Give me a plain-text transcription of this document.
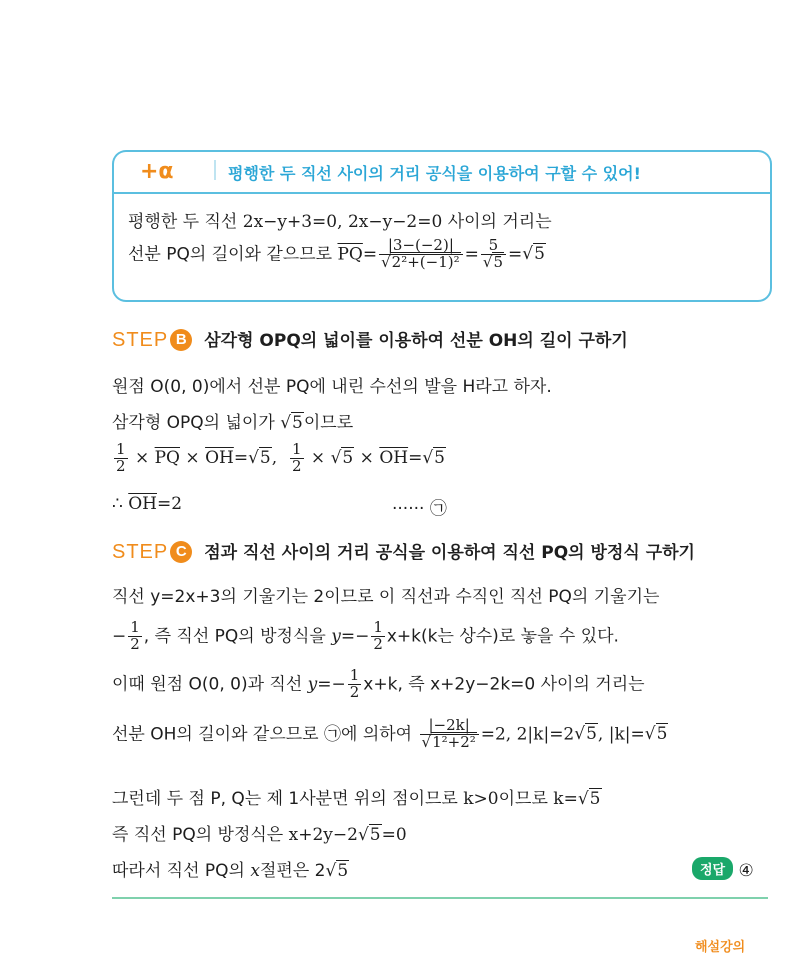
+α	평행한 두 직선 사이의 거리 공식을 이용하여 구할 수 있어!
평행한 두 직선 2x−y+3=0, 2x−y−2=0 사이의 거리는
선분 PQ의 길이와 같으므로 $\overline{PQ}= \frac{|3-(-2)|}{\text{√2²+(−1)²}} = \frac{5}{√5} =√5$
STEP B 삼각형 OPQ의 넓이를 이용하여 선분 OH의 길이 구하기
원점 O(0, 0)에서 선분 PQ에 내린 수선의 발을 H라고 하자.
삼각형 OPQ의 넓이가 √5이므로
$\frac{1}{2} \times \overline{PQ} \times \overline{OH}=√5$, $\frac{1}{2} \times √5 \times \overline{OH}=√5$
∴ $\overline{OH}=2$	······ ㉠
STEP C 점과 직선 사이의 거리 공식을 이용하여 직선 PQ의 방정식 구하기
직선 y=2x+3의 기울기는 2이므로 이 직선과 수직인 직선 PQ의 기울기는
− $\frac{1}{2}$ , 즉 직선 PQ의 방정식을 $y=- \frac{1}{2} x+k(k$는 상수)로 놓을 수 있다.
이때 원점 O(0, 0)과 직선 $y=- \frac{1}{2} x+k$, 즉 x+2y−2k=0 사이의 거리는
선분 OH의 길이와 같으므로 ㉠에 의하여 $\frac{|-2k|}{\text{√1²+2²}} =2$, 2|k|=2√5, |k|=√5
그런데 두 점 P, Q는 제 1사분면 위의 점이므로 k>0이므로 k=√5
즉 직선 PQ의 방정식은 x+2y−2√5=0
따라서 직선 PQ의 x절편은 2√5	정답 ④
해설강의
